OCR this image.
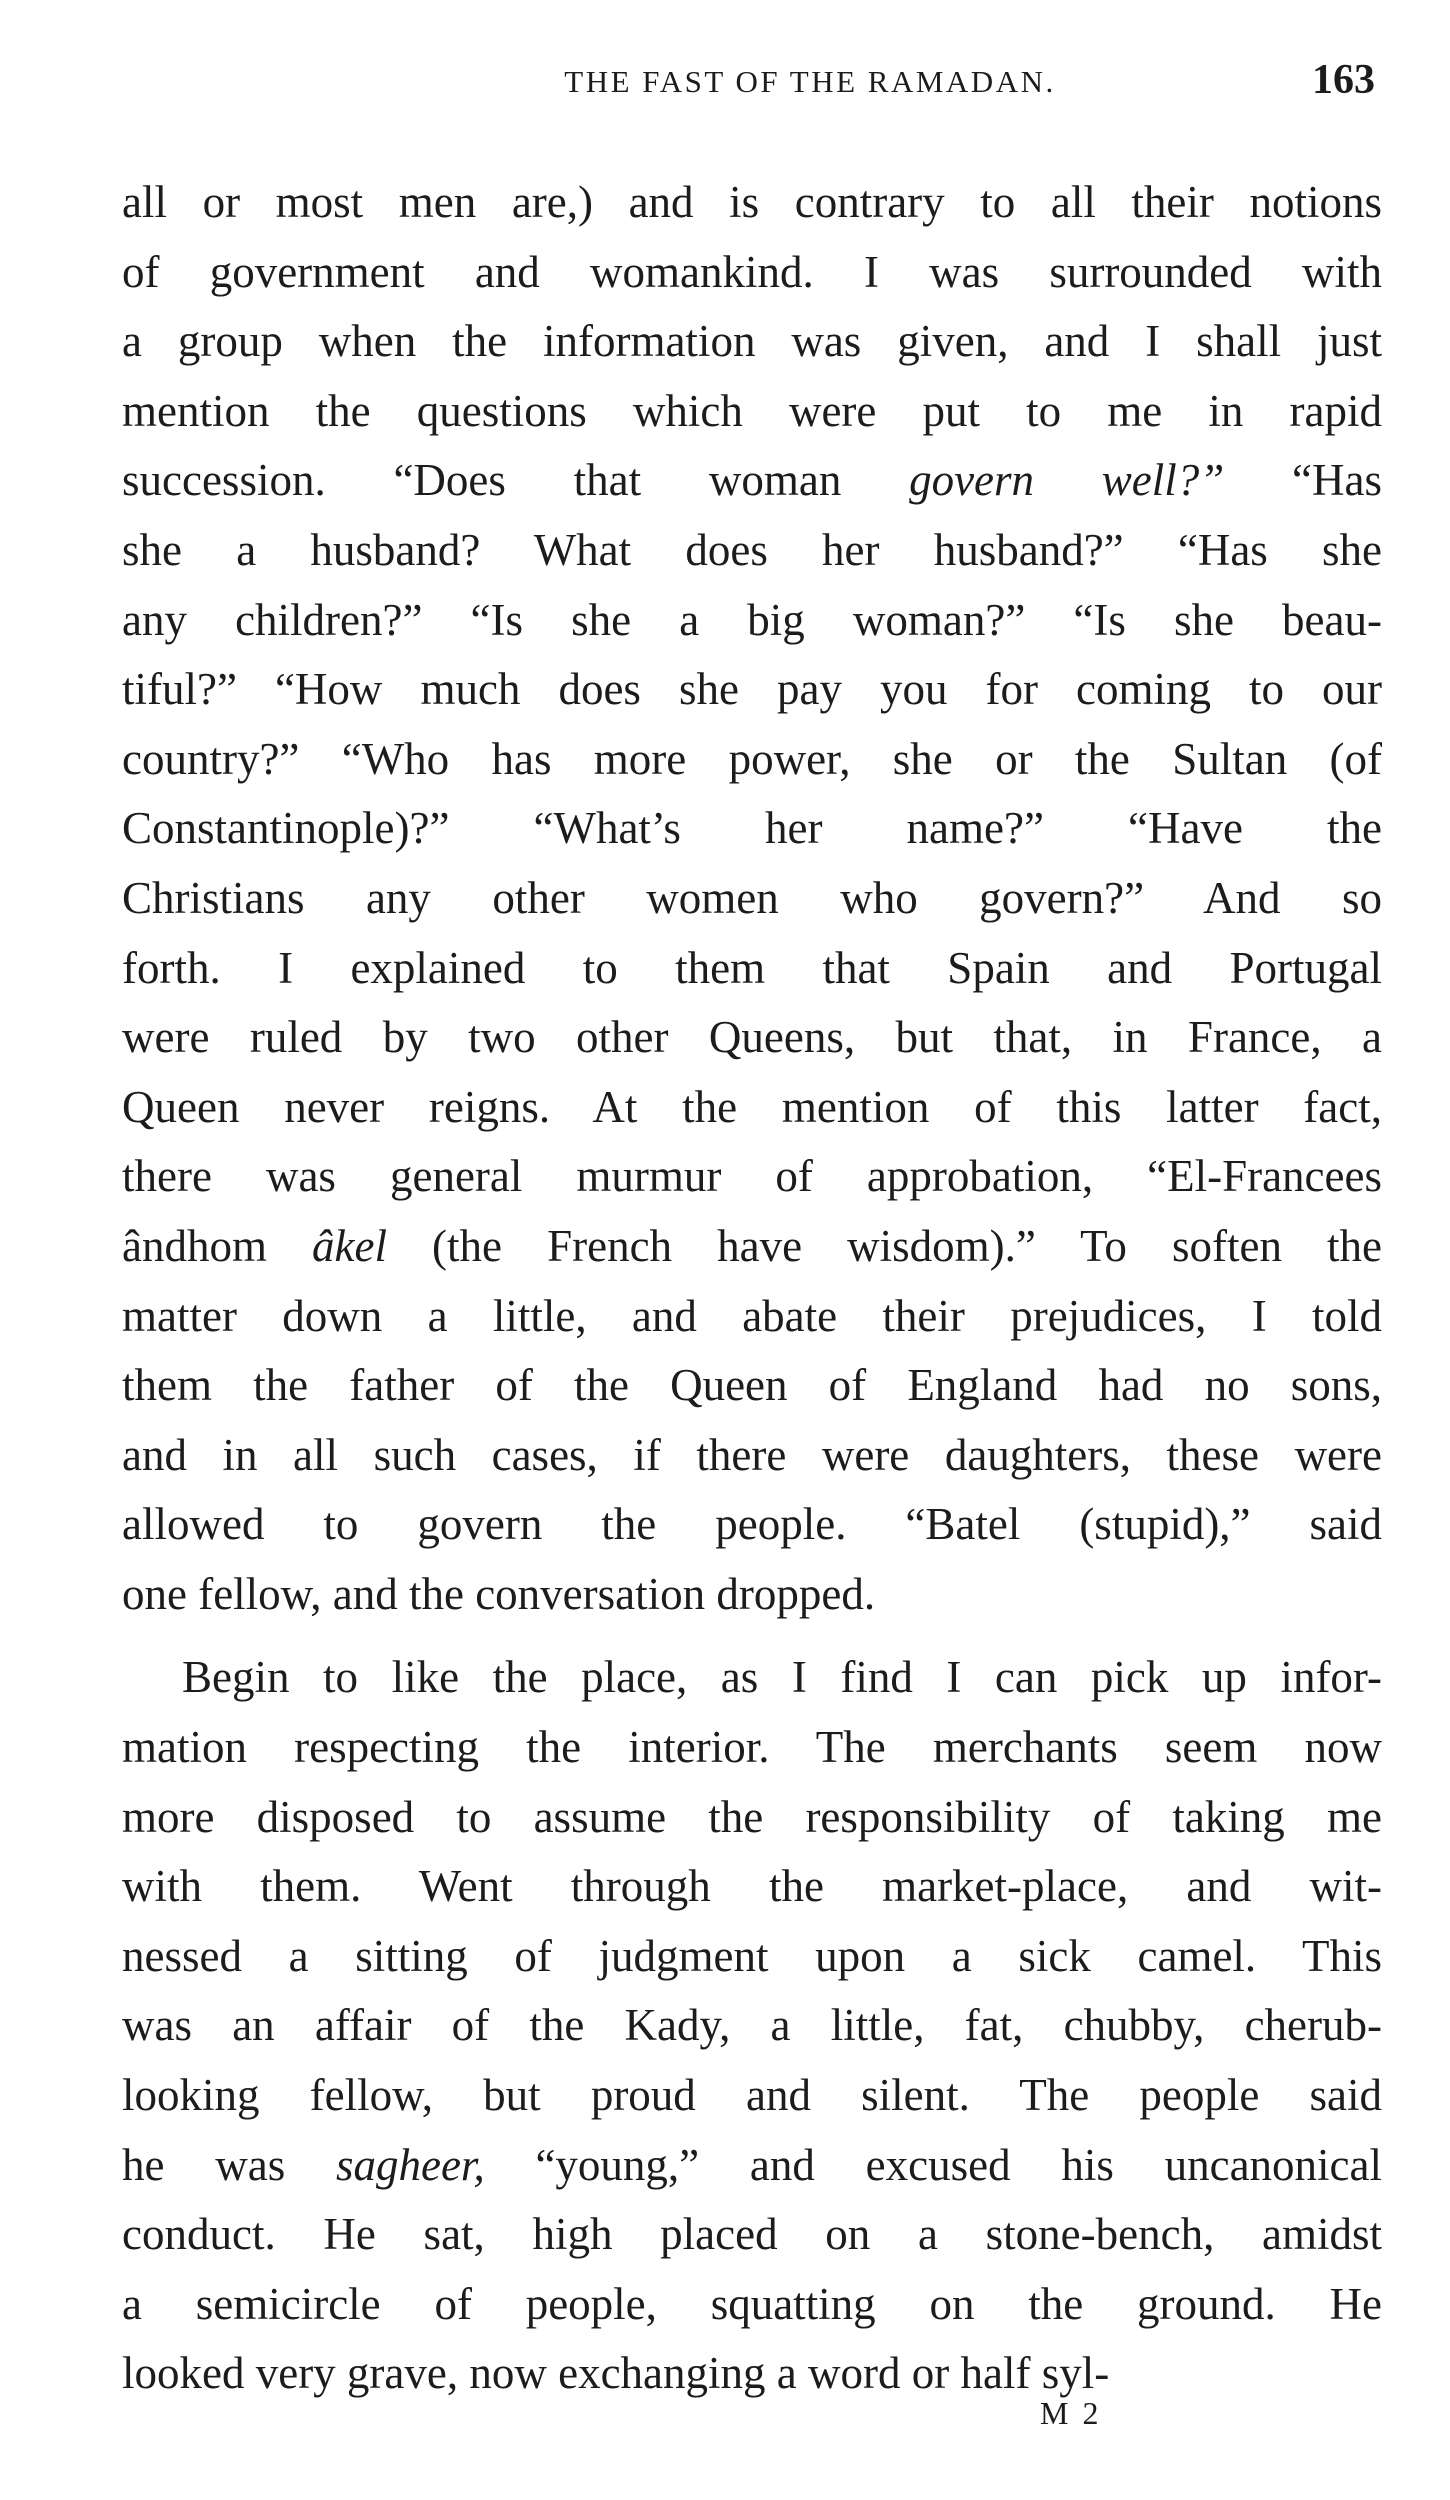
THE FAST OF THE RAMADAN.	163
all or most men are,) and is contrary to all their notions
of government and womankind. I was surrounded with
a group when the information was given, and I shall just
mention the questions which were put to me in rapid
succession. “Does that woman govern well?” “Has
she a husband? What does her husband?” “Has she
any children?” “Is she a big woman?” “Is she beau-
tiful?” “How much does she pay you for coming to our
country?” “Who has more power, she or the Sultan (of
Constantinople)?” “What’s her name?” “Have the
Christians any other women who govern?” And so
forth. I explained to them that Spain and Portugal
were ruled by two other Queens, but that, in France, a
Queen never reigns. At the mention of this latter fact,
there was general murmur of approbation, “El-Francees
ândhom âkel (the French have wisdom).” To soften the
matter down a little, and abate their prejudices, I told
them the father of the Queen of England had no sons,
and in all such cases, if there were daughters, these were
allowed to govern the people. “Batel (stupid),” said
one fellow, and the conversation dropped.
Begin to like the place, as I find I can pick up infor-
mation respecting the interior. The merchants seem now
more disposed to assume the responsibility of taking me
with them. Went through the market-place, and wit-
nessed a sitting of judgment upon a sick camel. This
was an affair of the Kady, a little, fat, chubby, cherub-
looking fellow, but proud and silent. The people said
he was sagheer, “young,” and excused his uncanonical
conduct. He sat, high placed on a stone-bench, amidst
a semicircle of people, squatting on the ground. He
looked very grave, now exchanging a word or half syl-
M 2
